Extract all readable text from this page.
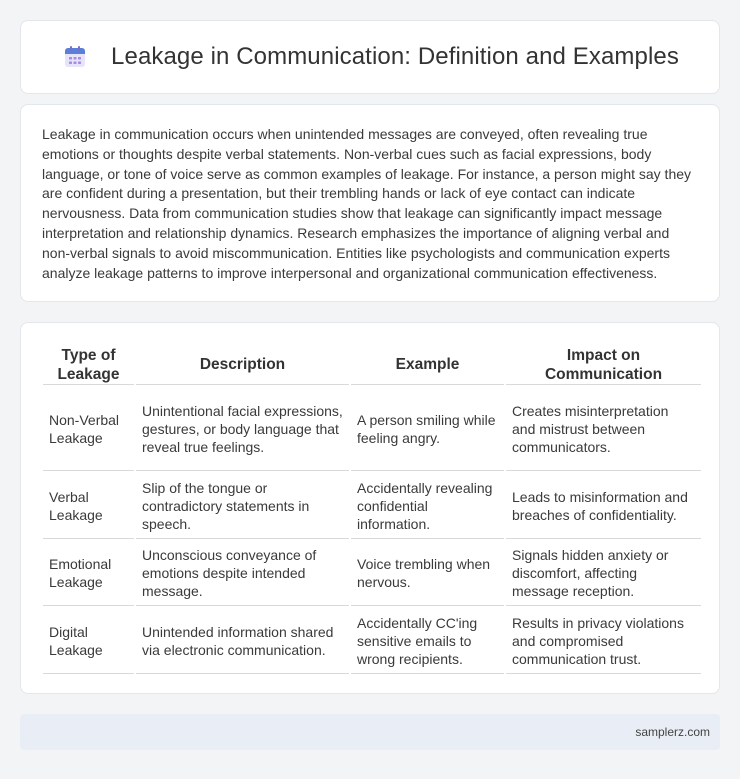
Leakage in Communication: Definition and Examples

Leakage in communication occurs when unintended messages are conveyed, often revealing true emotions or thoughts despite verbal statements. Non-verbal cues such as facial expressions, body language, or tone of voice serve as common examples of leakage. For instance, a person might say they are confident during a presentation, but their trembling hands or lack of eye contact can indicate nervousness. Data from communication studies show that leakage can significantly impact message interpretation and relationship dynamics. Research emphasizes the importance of aligning verbal and non-verbal signals to avoid miscommunication. Entities like psychologists and communication experts analyze leakage patterns to improve interpersonal and organizational communication effectiveness.

Type of Leakage	Description	Example	Impact on Communication
Non-Verbal Leakage	Unintentional facial expressions, gestures, or body language that reveal true feelings.	A person smiling while feeling angry.	Creates misinterpretation and mistrust between communicators.
Verbal Leakage	Slip of the tongue or contradictory statements in speech.	Accidentally revealing confidential information.	Leads to misinformation and breaches of confidentiality.
Emotional Leakage	Unconscious conveyance of emotions despite intended message.	Voice trembling when nervous.	Signals hidden anxiety or discomfort, affecting message reception.
Digital Leakage	Unintended information shared via electronic communication.	Accidentally CC'ing sensitive emails to wrong recipients.	Results in privacy violations and compromised communication trust.
samplerz.com
